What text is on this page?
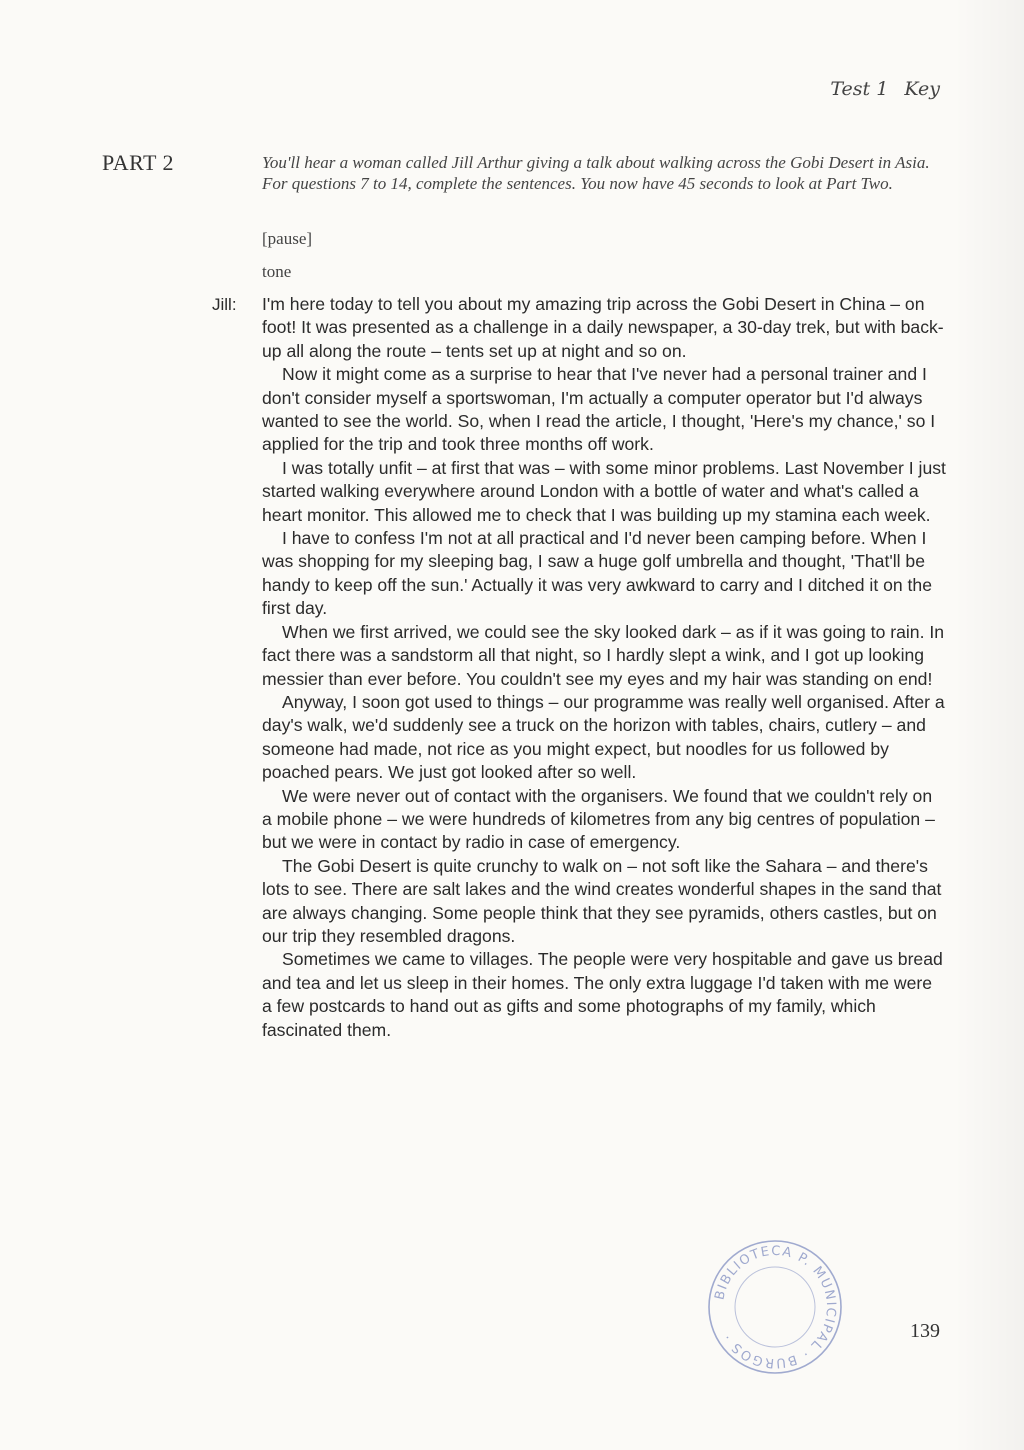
Test 1 Key
PART 2	You'll hear a woman called Jill Arthur giving a talk about walking across the Gobi Desert in Asia. For questions 7 to 14, complete the sentences. You now have 45 seconds to look at Part Two.

[pause]

tone

Jill: I'm here today to tell you about my amazing trip across the Gobi Desert in China – on foot! It was presented as a challenge in a daily newspaper, a 30-day trek, but with back-up all along the route – tents set up at night and so on.

Now it might come as a surprise to hear that I've never had a personal trainer and I don't consider myself a sportswoman, I'm actually a computer operator but I'd always wanted to see the world. So, when I read the article, I thought, 'Here's my chance,' so I applied for the trip and took three months off work.

I was totally unfit – at first that was – with some minor problems. Last November I just started walking everywhere around London with a bottle of water and what's called a heart monitor. This allowed me to check that I was building up my stamina each week.

I have to confess I'm not at all practical and I'd never been camping before. When I was shopping for my sleeping bag, I saw a huge golf umbrella and thought, 'That'll be handy to keep off the sun.' Actually it was very awkward to carry and I ditched it on the first day.

When we first arrived, we could see the sky looked dark – as if it was going to rain. In fact there was a sandstorm all that night, so I hardly slept a wink, and I got up looking messier than ever before. You couldn't see my eyes and my hair was standing on end!

Anyway, I soon got used to things – our programme was really well organised. After a day's walk, we'd suddenly see a truck on the horizon with tables, chairs, cutlery – and someone had made, not rice as you might expect, but noodles for us followed by poached pears. We just got looked after so well.

We were never out of contact with the organisers. We found that we couldn't rely on a mobile phone – we were hundreds of kilometres from any big centres of population – but we were in contact by radio in case of emergency.

The Gobi Desert is quite crunchy to walk on – not soft like the Sahara – and there's lots to see. There are salt lakes and the wind creates wonderful shapes in the sand that are always changing. Some people think that they see pyramids, others castles, but on our trip they resembled dragons.

Sometimes we came to villages. The people were very hospitable and gave us bread and tea and let us sleep in their homes. The only extra luggage I'd taken with me were a few postcards to hand out as gifts and some photographs of my family, which fascinated them.

BIBLIOTECA P. MUNICIPAL · BURGOS ·	139
